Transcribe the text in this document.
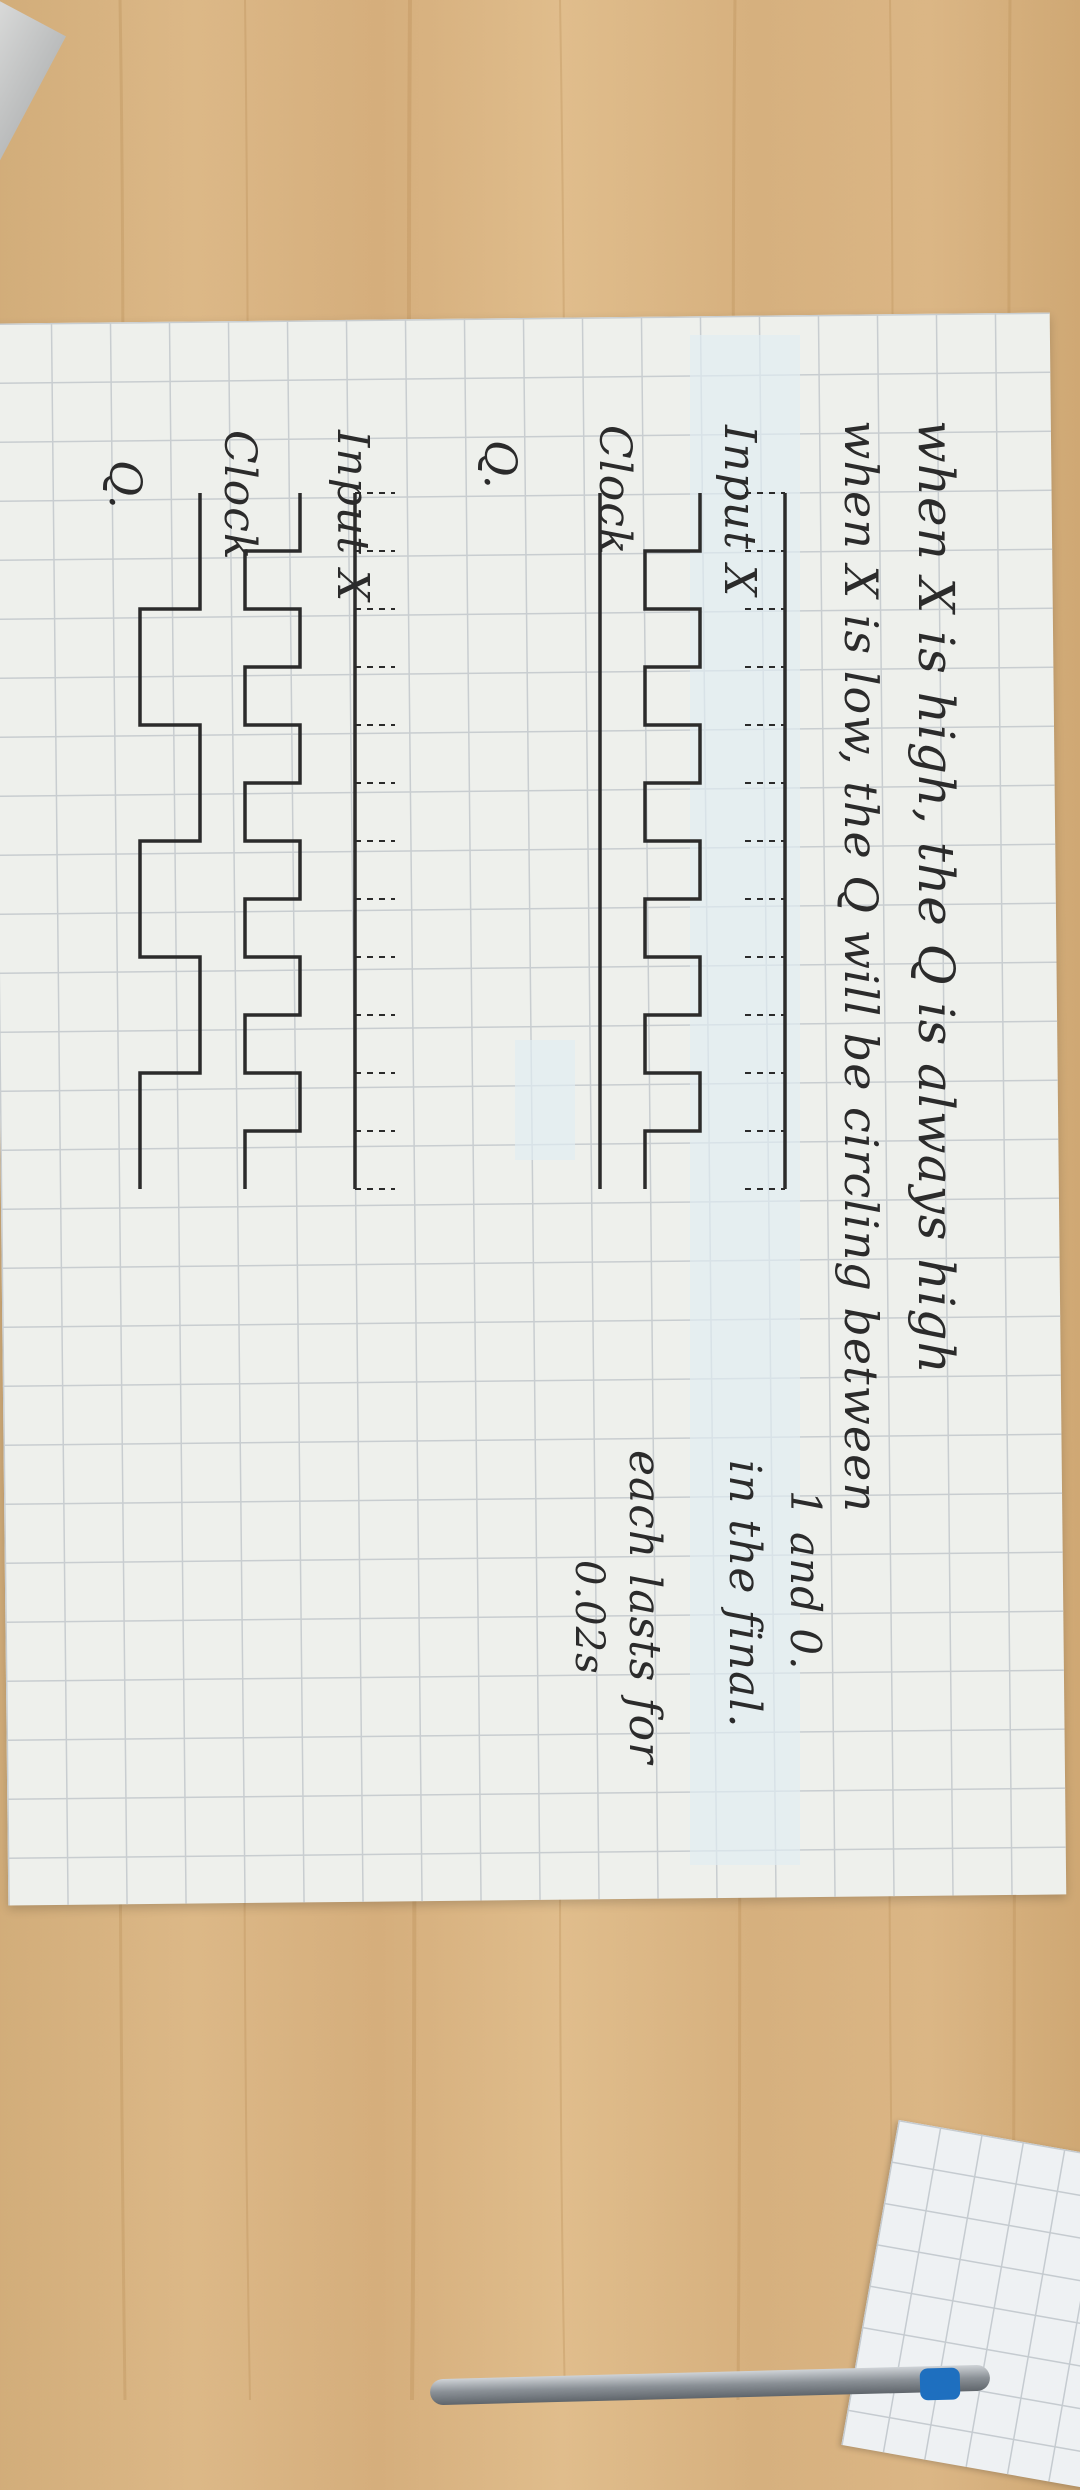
when X is high, the Q is always high
when X is low, the Q will be circling between
1 and 0.
in the final.
Input X
Clock
Q.
Input X
Clock
Q.
each lasts for
0.02s
